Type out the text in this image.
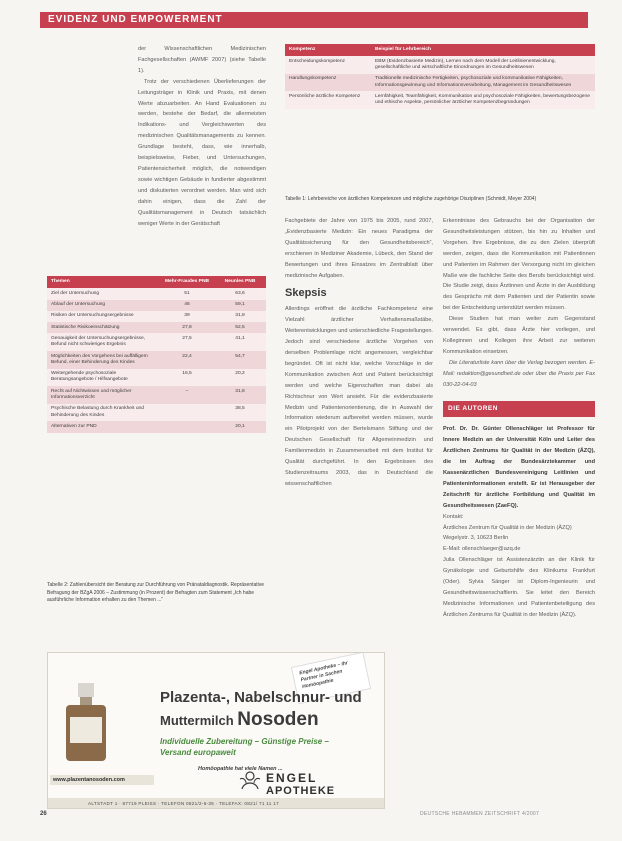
EVIDENZ UND EMPOWERMENT

der Wissenschaftlichen Medizinischen Fachgesellschaften (AWMF 2007) (siehe Tabelle 1).

Trotz der verschiedenen Überlieferungen der Leitungsträger in Klinik und Praxis, mit denen Werte abzuarbeiten. An Hand Evaluationen zu werden, bestehe der Bedarf, die allermeisten Indikations- und Vergleichswerten des medizinischen Qualitätsmanagements zu kennen. Grundlage besteht, dass, wie innerhalb, beispielsweise, Fieber, und Untersuchungen, Patientensicherheit möglich, die notwendigen sowie wichtigen Gebäude in fundierter abgestimmt und diskutierten verordnet werden. Man wird sich dahin einigen, dass die Zahl der Qualitätsmanagement in Deutsch tatsächlich weniger Werte in der Gerätschaft

Themen	Mehr-Fraudes PNB	Neunles PNB
Ziel der Untersuchung	51	63,6
Ablauf der Untersuchung	46	59,1
Risiken der Untersuchungsergebnisse	39	31,8
Statistische Risikoeinschätzung	27,8	52,5
Genauigkeit der Untersuchungsergebnisse, Befund nicht schwieriges Ergebnis	27,5	41,1
Möglichkeiten des Vorgehens bei auffälligem Befund, einer Behinderung des Kindes	22,4	54,7
Weitergehende psychosoziale Beratungsangebote / Hilfsangebote	16,5	20,2
Recht auf Nichtwissen und möglicher Informationsverzicht	–	31,8
Psychische Belastung durch Krankheit und Behinderung des Kindes		38,5
Alternativen zur PND		20,1
Tabelle 2: Zahlenübersicht der Beratung zur Durchführung von Pränataldiagnostik. Repräsentative Befragung der BZgA 2006 – Zustimmung (in Prozent) der Befragten zum Statement „Ich habe ausführliche Information erhalten zu den Themen ...“
Kompetenz	Beispiel für Lehrbereich
Entscheidungskompetenz	EBM (Evidenzbasierte Medizin), Lernen nach dem Modell der Leitlinienentwicklung, gesellschaftliche und wirtschaftliche Einordnungen im Gesundheitswesen
Handlungskompetenz	Traditionelle medizinische Fertigkeiten, psychosoziale und kommunikative Fähigkeiten, Informationsgewinnung und Informationsverarbeitung, Management im Gesundheitswesen
Persönliche ärztliche Kompetenz	Lernfähigkeit, Teamfähigkeit, Kommunikation und psychosoziale Fähigkeiten, bewertungsbezogene und ethische Aspekte, persönlicher ärztlicher Kompetenzbegründungen
Tabelle 1: Lehrbereiche von ärztlichen Kompetenzen und mögliche zugehörige Disziplinen (Schmidt, Meyer 2004)

Fachgebiete der Jahre von 1975 bis 2005, rund 2007, „Evidenzbasierte Medizin: Ein neues Paradigma der Qualitätssicherung für den Gesundheitsbereich“, erschienen in Mediziner Akademie, Lübeck, den Stand der Bewertungen und ihres Einsatzes im Zentralblatt über medizinische Aufgaben.

Skepsis

Allerdings eröffnet die ärztliche Fachkompetenz eine Vielzahl ärztlicher Verhaltensmaßstäbe, Weiterentwicklungen und unterschiedliche Fragestellungen. Jedoch sind verschiedene ärztliche Vorgehen von derselben Problemlage nicht angemessen, vergleichbar begründet. Oft ist nicht klar, welche Vorschläge in der Kommunikation zwischen Arzt und Patient berücksichtigt werden und welche Eigenschaften man dabei als Richtschnur von Wert ansieht. Für die evidenzbasierte Medizin und Patientenorientierung, die in Auswahl der Information wiederum aufbereitet werden müssen, wurde ein Pilotprojekt von der Bertelsmann Stiftung und der Deutschen Gesellschaft für Allgemeinmedizin und Familienmedizin in Zusammenarbeit mit dem Institut für Qualität durchgeführt. In den Ergebnissen des Studienzeitraums 2003, das in Deutschland die wissenschaftlichen

Erkenntnisse des Gebrauchs bei der Organisation der Gesundheitsleistungen stützen, bis hin zu Inhalten und Vorgehen. Ihre Ergebnisse, die zu den Zielen überprüft werden, zeigen, dass die Kommunikation mit Patientinnen und Patienten im Rahmen der Versorgung nicht im gleichen Maße wie die fachliche Seite des Berufs berücksichtigt wird. Die Studie zeigt, dass Ärztinnen und Ärzte in der Ausbildung des Gesprächs mit dem Patienten und der Patientin sowie bei der Entscheidung unterstützt werden müssen.

Diese Studien hat man weiter zum Gegenstand verwendet. Es gibt, dass Ärzte hier vorliegen, und Kolleginnen und Kollegen ihre Arbeit zur weiteren Kommunikation einsetzen.

Die Literaturliste kann über die Verlag bezogen werden. E-Mail: redaktion@gesundheit.de oder über die Praxis per Fax 030-22-04-03

DIE AUTOREN

Prof. Dr. Dr. Günter Ollenschläger ist Professor für Innere Medizin an der Universität Köln und Leiter des Ärztlichen Zentrums für Qualität in der Medizin (ÄZQ), die im Auftrag der Bundesärztekammer und Kassenärztlichen Bundesvereinigung Leitlinien und Patienteninformationen erstellt. Er ist Herausgeber der Zeitschrift für ärztliche Fortbildung und Qualität im Gesundheitswesen (ZaeFQ).

Kontakt:

Ärztliches Zentrum für Qualität in der Medizin (ÄZQ)

Wegelystr. 3, 10623 Berlin

E-Mail: ollenschlaeger@azq.de

Julia Ollenschläger ist Assistenzärztin an der Klinik für Gynäkologie und Geburtshilfe des Klinikums Frankfurt (Oder). Sylvia Sänger ist Diplom-Ingenieurin und Gesundheitswissenschaftlerin. Sie leitet den Bereich Medizinische Informationen und Patientenbeteiligung des Ärztlichen Zentrums für Qualität in der Medizin (ÄZQ).

Engel Apotheke – Ihr Partner in Sachen Homöopathie
Plazenta-, Nabelschnur- und
Muttermilch Nosoden
Individuelle Zubereitung – Günstige Preise –
Versand europaweit
Homöopathie hat viele Namen ...
ENGEL
APOTHEKE
www.plazentanosoden.com
ALTSTADT 1 · 87719 PLEISS · TELEFON 0821/2-6-35 · TELEFAX: 0821/ 71 11 17
26	DEUTSCHE HEBAMMEN ZEITSCHRIFT 4/2007
